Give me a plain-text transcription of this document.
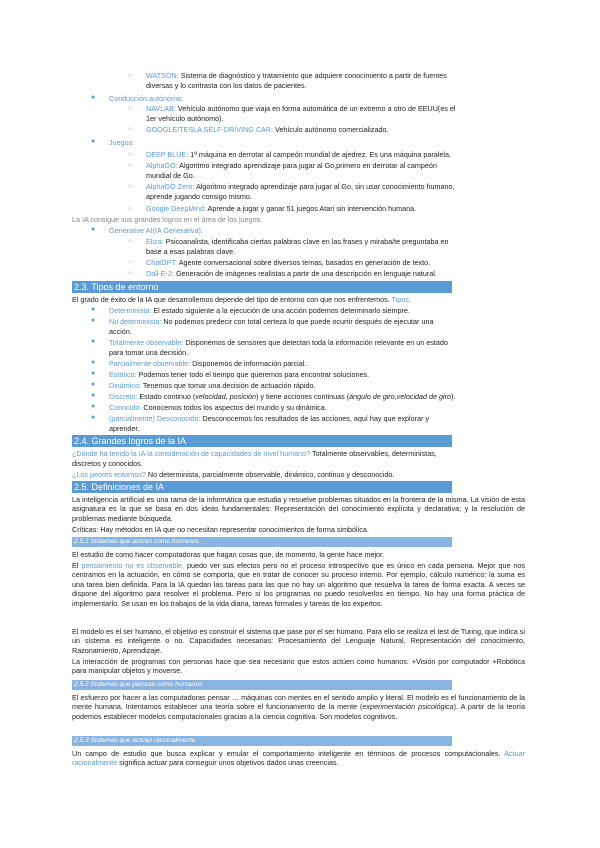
○ WATSON: Sistema de diagnóstico y tratamiento que adquiere conocimiento a partir de fuentes
diversas y lo contrasta con los datos de pacientes.
● Conducción autónoma:
○ NAVLAB: Vehículo autónomo que viaja en forma automática de un extremo a otro de EEUU(es el
1er vehículo autónomo).
○ GOOGLE/TESLA SELF-DRIVING CAR: Vehículo autónomo comercializado.
● Juegos:
○ DEEP BLUE: 1ª máquina en derrotar al campeón mundial de ajedrez. Es una máquina paralela.
○ AlphaGO: Algoritmo integrado aprendizaje para jugar al Go,primero en derrotar al campeón
mundial de Go.
○ AlphaGO Zero: Algoritmo integrado aprendizaje para jugar al Go, sin usar conocimiento humano,
aprende jugando consigo mismo.
○ Google DeepMind: Aprende a jugar y ganar 51 juegos Atari sin intervención humana.
La IA consigue sus grandes logros en el área de los juegos.
● Generative AI(IA Generativa):
○ Eliza: Psicoanalista, identificaba ciertas palabras clave en las frases y miraba/te preguntaba en
base a esas palabras clave.
○ ChatGPT: Agente conversacional sobre diversos temas, basados en generación de texto.
○ Dall-E-2: Generación de imágenes realistas a partir de una descripción en lenguaje natural.
2.3. Tipos de entorno
El grado de éxito de la IA que desarrollemos depende del tipo de entorno con que nos enfrentemos. Tipos:
● Determinista: El estado siguiente a la ejecución de una acción podemos determinarlo siempre.
● No determinista: No podemos predecir con total certeza lo que puede ocurrir después de ejecutar una
acción.
● Totalmente observable: Disponemos de sensores que detectan toda la información relevante en un estado
para tomar una decisión.
● Parcialmente observable: Disponemos de información parcial.
● Estático: Podemos tener todo el tiempo que queremos para encontrar soluciones.
● Dinámico: Tenemos que tomar una decisión de actuación rápido.
● Discreto: Estado continuo (velocidad, posición) y tiene acciones continuas (ángulo de giro,velocidad de giro).
● Conocido: Conocemos todos los aspectos del mundo y su dinámica.
● (parcialmente) Desconocido: Desconocemos los resultados de las acciones, aquí hay que explorar y
aprender.
2.4. Grandes logros de la IA
¿Dónde ha tenido la IA la consideración de capacidades de nivel humano? Totalmente observables, deterministas,
discretos y conocidos.
¿Los peores entornos? No determinista, parcialmente observable, dinámico, continuo y desconocido.
2.5. Definiciones de IA
La inteligencia artificial es una rama de la informática que estudia y resuelve problemas situados en la frontera de la misma. La visión de esta asignatura es la que se basa en dos ideas fundamentales: Representación del conocimiento explícita y declarativa; y la resolución de problemas mediante búsqueda.
Críticas: Hay métodos en IA que no necesitan representar conocimientos de forma simbólica.
2.5.1 Sistemas que actúan como humanos
El estudio de como hacer computadoras que hagan cosas que, de momento, la gente hace mejor.
El pensamiento no es observable, puedo ver sus efectos pero no el proceso introspectivo que es único en cada persona. Mejor que nos centramos en la actuación, en cómo se comporta, que en tratar de conocer su proceso interno. Por ejemplo, cálculo numérico: la suma es una tarea bien definida. Para la IA quedan las tareas para las que no hay un algoritmo que resuelva la tarea de forma exacta. A veces se dispone del algoritmo para resolver el problema. Pero si los programas no puedo resolverlos en tiempo. No hay una forma práctica de implementarlo. Se usan en los trabajos de la vida diaria, tareas formales y tareas de los expertos.
El modelo es el ser humano, el objetivo es construir el sistema que pase por el ser humano. Para ello se realiza el test de Turing, que indica si un sistema es inteligente o no. Capacidades necesarias: Procesamiento del Lenguaje Natural, Representación del conocimiento, Razonamiento, Aprendizaje.
La interacción de programas con personas hace que sea necesario que estos actúen como humanos: +Visión por computador +Robótica para manipular objetos y moverse.
2.5.2 Sistemas que piensan como humanos
El esfuerzo por hacer a las computadoras pensar … máquinas con mentes en el sentido amplio y literal. El modelo es el funcionamiento de la mente humana. Intentamos establecer una teoría sobre el funcionamiento de la mente (experimentación psicológica). A partir de la teoría podemos establecer modelos computacionales gracias a la ciencia cognitiva. Son modelos cognitivos.
2.5.3 Sistemas que actúan racionalmente
Un campo de estudio que busca explicar y emular el comportamiento inteligente en términos de procesos computacionales. Actuar racionalmente significa actuar para conseguir unos objetivos dados unas creencias.
